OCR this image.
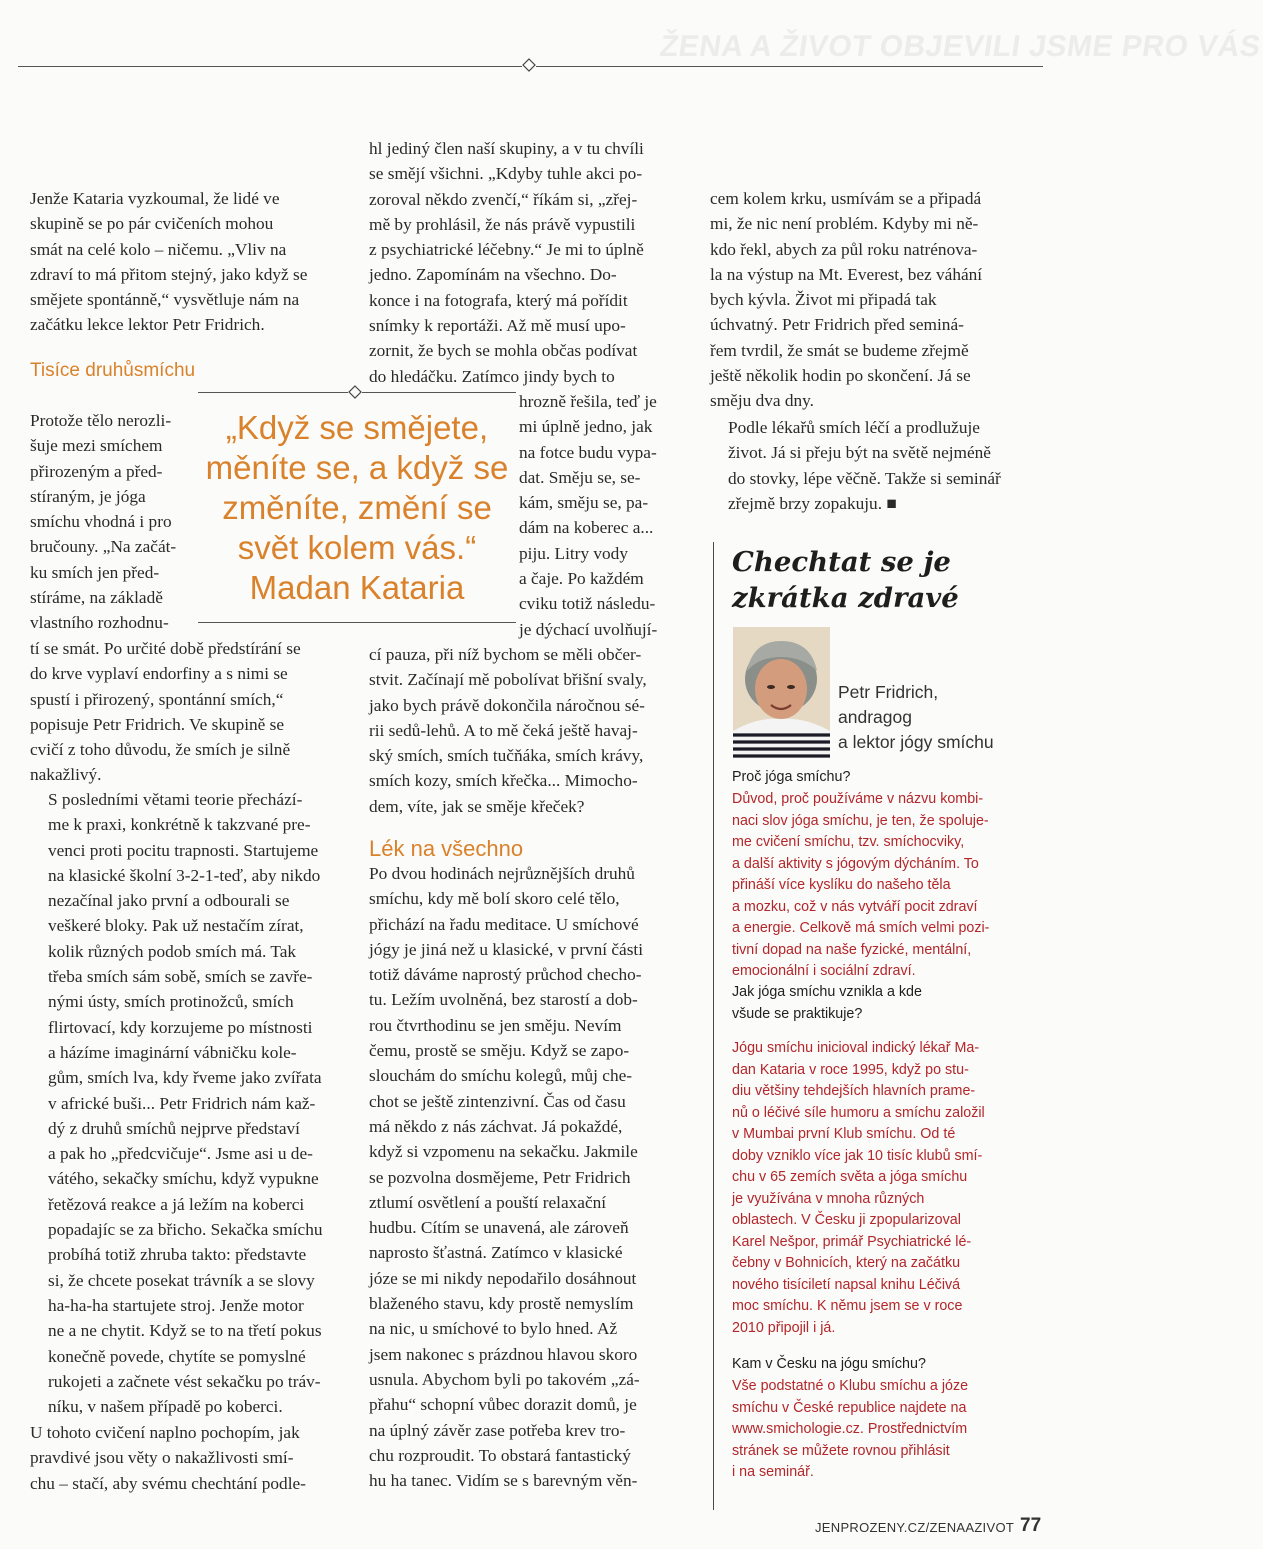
ŽENA A ŽIVOT OBJEVILI JSME PRO VÁS
Jenže Kataria vyzkoumal, že lidé ve
skupině se po pár cvičeních mohou
smát na celé kolo – ničemu. „Vliv na
zdraví to má přitom stejný, jako když se
smějete spontánně,“ vysvětluje nám na
začátku lekce lektor Petr Fridrich.
Tisíce druhůsmíchu
Protože tělo nerozli-
šuje mezi smíchem
přirozeným a před-
stíraným, je jóga
smíchu vhodná i pro
bručouny. „Na začát-
ku smích jen před-
stíráme, na základě
vlastního rozhodnu-
tí se smát. Po určité době předstírání se
do krve vyplaví endorfiny a s nimi se
spustí i přirozený, spontánní smích,“
popisuje Petr Fridrich. Ve skupině se
cvičí z toho důvodu, že smích je silně
nakažlivý.
S posledními větami teorie přechází-
me k praxi, konkrétně k takzvané pre-
venci proti pocitu trapnosti. Startujeme
na klasické školní 3-2-1-teď, aby nikdo
nezačínal jako první a odbourali se
veškeré bloky. Pak už nestačím zírat,
kolik různých podob smích má. Tak
třeba smích sám sobě, smích se zavře-
nými ústy, smích protinožců, smích
flirtovací, kdy korzujeme po místnosti
a házíme imaginární vábničku kole-
gům, smích lva, kdy řveme jako zvířata
v africké buši... Petr Fridrich nám kaž-
dý z druhů smíchů nejprve představí
a pak ho „předcvičuje“. Jsme asi u de-
vátého, sekačky smíchu, když vypukne
řetězová reakce a já ležím na koberci
popadajíc se za břicho. Sekačka smíchu
probíhá totiž zhruba takto: představte
si, že chcete posekat trávník a se slovy
ha-ha-ha startujete stroj. Jenže motor
ne a ne chytit. Když se to na třetí pokus
konečně povede, chytíte se pomyslné
rukojeti a začnete vést sekačku po tráv-
níku, v našem případě po koberci.
U tohoto cvičení naplno pochopím, jak
pravdivé jsou věty o nakažlivosti smí-
chu – stačí, aby svému chechtání podle-
hl jediný člen naší skupiny, a v tu chvíli
se smějí všichni. „Kdyby tuhle akci po-
zoroval někdo zvenčí,“ říkám si, „zřej-
mě by prohlásil, že nás právě vypustili
z psychiatrické léčebny.“ Je mi to úplně
jedno. Zapomínám na všechno. Do-
konce i na fotografa, který má pořídit
snímky k reportáži. Až mě musí upo-
zornit, že bych se mohla občas podívat
do hledáčku. Zatímco jindy bych to
hrozně řešila, teď je
mi úplně jedno, jak
na fotce budu vypa-
dat. Směju se, se-
kám, směju se, pa-
dám na koberec a...
piju. Litry vody
a čaje. Po každém
cviku totiž následu-
je dýchací uvolňují-
cí pauza, při níž bychom se měli občer-
stvit. Začínají mě pobolívat břišní svaly,
jako bych právě dokončila náročnou sé-
rii sedů-lehů. A to mě čeká ještě havaj-
ský smích, smích tučňáka, smích krávy,
smích kozy, smích křečka... Mimocho-
dem, víte, jak se směje křeček?
Lék na všechno
Po dvou hodinách nejrůznějších druhů
smíchu, kdy mě bolí skoro celé tělo,
přichází na řadu meditace. U smíchové
jógy je jiná než u klasické, v první části
totiž dáváme naprostý průchod checho-
tu. Ležím uvolněná, bez starostí a dob-
rou čtvrthodinu se jen směju. Nevím
čemu, prostě se směju. Když se zapo-
slouchám do smíchu kolegů, můj che-
chot se ještě zintenzivní. Čas od času
má někdo z nás záchvat. Já pokaždé,
když si vzpomenu na sekačku. Jakmile
se pozvolna dosmějeme, Petr Fridrich
ztlumí osvětlení a pouští relaxační
hudbu. Cítím se unavená, ale zároveň
naprosto šťastná. Zatímco v klasické
józe se mi nikdy nepodařilo dosáhnout
blaženého stavu, kdy prostě nemyslím
na nic, u smíchové to bylo hned. Až
jsem nakonec s prázdnou hlavou skoro
usnula. Abychom byli po takovém „zá-
přahu“ schopní vůbec dorazit domů, je
na úplný závěr zase potřeba krev tro-
chu rozproudit. To obstará fantastický
hu ha tanec. Vidím se s barevným věn-
„Když se smějete,
měníte se, a když se
změníte, změní se
svět kolem vás.“
Madan Kataria
cem kolem krku, usmívám se a připadá
mi, že nic není problém. Kdyby mi ně-
kdo řekl, abych za půl roku natrénova-
la na výstup na Mt. Everest, bez váhání
bych kývla. Život mi připadá tak
úchvatný. Petr Fridrich před seminá-
řem tvrdil, že smát se budeme zřejmě
ještě několik hodin po skončení. Já se
směju dva dny.
Podle lékařů smích léčí a prodlužuje
život. Já si přeju být na světě nejméně
do stovky, lépe věčně. Takže si seminář
zřejmě brzy zopakuju. ■
Chechtat se je
zkrátka zdravé
Petr Fridrich,
andragog
a lektor jógy smíchu
Proč jóga smíchu?
Důvod, proč používáme v názvu kombi-
naci slov jóga smíchu, je ten, že spoluje-
me cvičení smíchu, tzv. smíchocviky,
a další aktivity s jógovým dýcháním. To
přináší více kyslíku do našeho těla
a mozku, což v nás vytváří pocit zdraví
a energie. Celkově má smích velmi pozi-
tivní dopad na naše fyzické, mentální,
emocionální i sociální zdraví.
Jak jóga smíchu vznikla a kde
všude se praktikuje?
Jógu smíchu inicioval indický lékař Ma-
dan Kataria v roce 1995, když po stu-
diu většiny tehdejších hlavních prame-
nů o léčivé síle humoru a smíchu založil
v Mumbai první Klub smíchu. Od té
doby vzniklo více jak 10 tisíc klubů smí-
chu v 65 zemích světa a jóga smíchu
je využívána v mnoha různých
oblastech. V Česku ji zpopularizoval
Karel Nešpor, primář Psychiatrické lé-
čebny v Bohnicích, který na začátku
nového tisíciletí napsal knihu Léčivá
moc smíchu. K němu jsem se v roce
2010 připojil i já.
Kam v Česku na jógu smíchu?
Vše podstatné o Klubu smíchu a józe
smíchu v České republice najdete na
www.smichologie.cz. Prostřednictvím
stránek se můžete rovnou přihlásit
i na seminář.
JENPROZENY.CZ/ZENAAZIVOT 77
